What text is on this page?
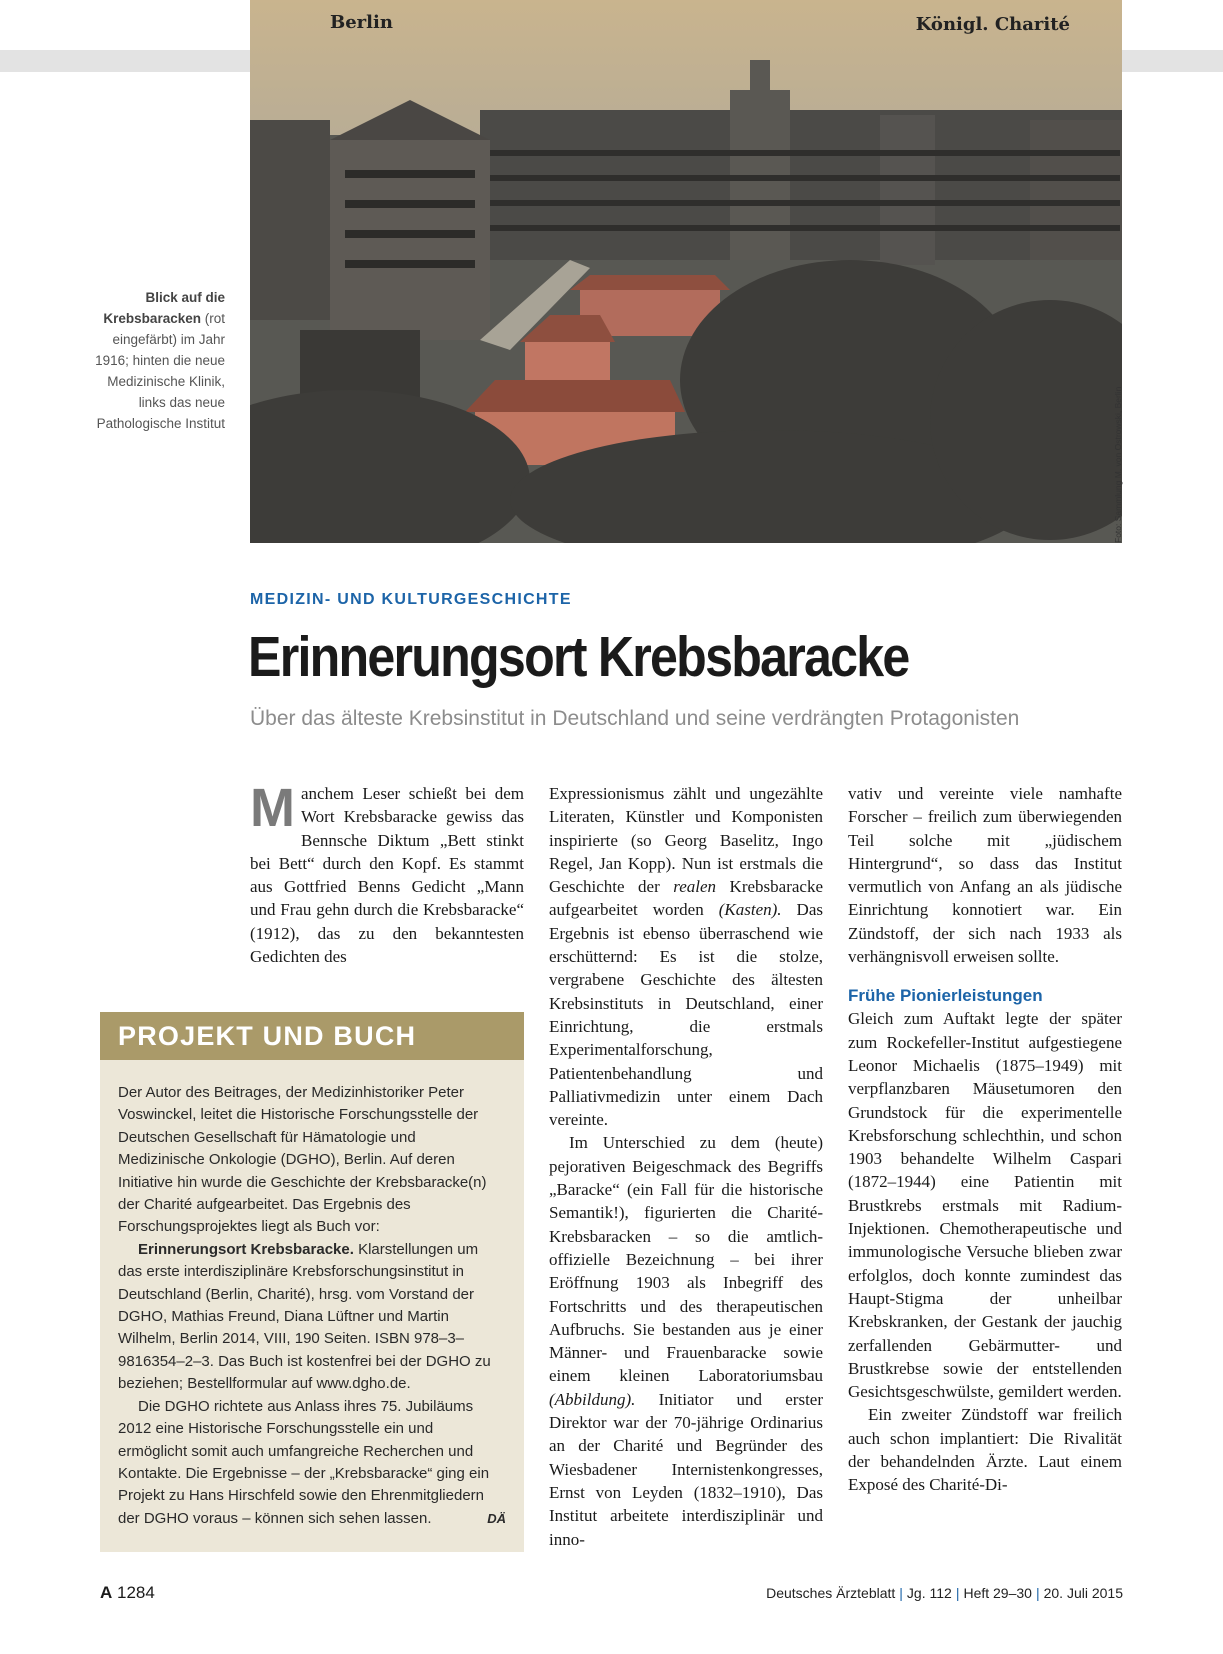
Berlin	Königl. Charité
Foto: Sammlung M. von Ostrowski, Berlin
Blick auf die Krebsbaracken (rot eingefärbt) im Jahr 1916; hinten die neue Medizinische Klinik, links das neue Pathologische Institut
MEDIZIN- UND KULTURGESCHICHTE
Erinnerungsort Krebsbaracke
Über das älteste Krebsinstitut in Deutschland und seine verdrängten Protagonisten

Manchem Leser schießt bei dem Wort Krebsbaracke gewiss das Bennsche Diktum „Bett stinkt bei Bett“ durch den Kopf. Es stammt aus Gottfried Benns Gedicht „Mann und Frau gehn durch die Krebsbaracke“ (1912), das zu den bekanntesten Gedichten des

Expressionismus zählt und ungezählte Literaten, Künstler und Komponisten inspirierte (so Georg Baselitz, Ingo Regel, Jan Kopp). Nun ist erstmals die Geschichte der realen Krebsbaracke aufgearbeitet worden (Kasten). Das Ergebnis ist ebenso überraschend wie erschütternd: Es ist die stolze, vergrabene Geschichte des ältesten Krebsinstituts in Deutschland, einer Einrichtung, die erstmals Experimentalforschung, Patientenbehandlung und Palliativmedizin unter einem Dach vereinte.

Im Unterschied zu dem (heute) pejorativen Beigeschmack des Begriffs „Baracke“ (ein Fall für die historische Semantik!), figurierten die Charité-Krebsbaracken – so die amtlich-offizielle Bezeichnung – bei ihrer Eröffnung 1903 als Inbegriff des Fortschritts und des therapeutischen Aufbruchs. Sie bestanden aus je einer Männer- und Frauenbaracke sowie einem kleinen Laboratoriumsbau (Abbildung). Initiator und erster Direktor war der 70-jährige Ordinarius an der Charité und Begründer des Wiesbadener Internistenkongresses, Ernst von Leyden (1832–1910), Das Institut arbeitete interdisziplinär und inno-

vativ und vereinte viele namhafte Forscher – freilich zum überwiegenden Teil solche mit „jüdischem Hintergrund“, so dass das Institut vermutlich von Anfang an als jüdische Einrichtung konnotiert war. Ein Zündstoff, der sich nach 1933 als verhängnisvoll erweisen sollte.

Frühe Pionierleistungen

Gleich zum Auftakt legte der später zum Rockefeller-Institut aufgestiegene Leonor Michaelis (1875–1949) mit verpflanzbaren Mäusetumoren den Grundstock für die experimentelle Krebsforschung schlechthin, und schon 1903 behandelte Wilhelm Caspari (1872–1944) eine Patientin mit Brustkrebs erstmals mit Radium-Injektionen. Chemotherapeutische und immunologische Versuche blieben zwar erfolglos, doch konnte zumindest das Haupt-Stigma der unheilbar Krebskranken, der Gestank der jauchig zerfallenden Gebärmutter- und Brustkrebse sowie der entstellenden Gesichtsgeschwülste, gemildert werden.

Ein zweiter Zündstoff war freilich auch schon implantiert: Die Rivalität der behandelnden Ärzte. Laut einem Exposé des Charité-Di-

PROJEKT UND BUCH

Der Autor des Beitrages, der Medizinhistoriker Peter Voswinckel, leitet die Historische Forschungsstelle der Deutschen Gesellschaft für Hämatologie und Medizinische Onkologie (DGHO), Berlin. Auf deren Initiative hin wurde die Geschichte der Krebsbaracke(n) der Charité aufgearbeitet. Das Ergebnis des Forschungsprojektes liegt als Buch vor:

Erinnerungsort Krebsbaracke. Klarstellungen um das erste interdisziplinäre Krebsforschungsinstitut in Deutschland (Berlin, Charité), hrsg. vom Vorstand der DGHO, Mathias Freund, Diana Lüftner und Martin Wilhelm, Berlin 2014, VIII, 190 Seiten. ISBN 978–3–9816354–2–3. Das Buch ist kostenfrei bei der DGHO zu beziehen; Bestellformular auf www.dgho.de.

Die DGHO richtete aus Anlass ihres 75. Jubiläums 2012 eine Historische Forschungsstelle ein und ermöglicht somit auch umfangreiche Recherchen und Kontakte. Die Ergebnisse – der „Krebsbaracke“ ging ein Projekt zu Hans Hirschfeld sowie den Ehrenmitgliedern der DGHO voraus – können sich sehen lassen.	DÄ

A 1284	Deutsches Ärzteblatt | Jg. 112 | Heft 29–30 | 20. Juli 2015
